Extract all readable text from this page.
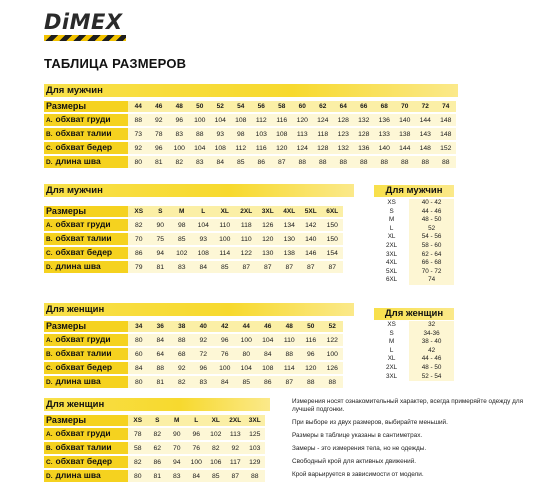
DiMEX
ТАБЛИЦА РАЗМЕРОВ
Для мужчин
Размеры	44	46	48	50	52	54	56	58	60	62	64	66	68	70	72	74
A. обхват груди	88	92	96	100	104	108	112	116	120	124	128	132	136	140	144	148
B. обхват талии	73	78	83	88	93	98	103	108	113	118	123	128	133	138	143	148
C. обхват бедер	92	96	100	104	108	112	116	120	124	128	132	136	140	144	148	152
D. длина шва	80	81	82	83	84	85	86	87	88	88	88	88	88	88	88	88
Для мужчин
Размеры	XS	S	M	L	XL	2XL	3XL	4XL	5XL	6XL
A. обхват груди	82	90	98	104	110	118	126	134	142	150
B. обхват талии	70	75	85	93	100	110	120	130	140	150
C. обхват бедер	86	94	102	108	114	122	130	138	146	154
D. длина шва	79	81	83	84	85	87	87	87	87	87
Для мужчин
XS	40 - 42
S	44 - 46
M	48 - 50
L	52
XL	54 - 56
2XL	58 - 60
3XL	62 - 64
4XL	66 - 68
5XL	70 - 72
6XL	74
Для женщин
Размеры	34	36	38	40	42	44	46	48	50	52
A. обхват груди	80	84	88	92	96	100	104	110	116	122
B. обхват талии	60	64	68	72	76	80	84	88	96	100
C. обхват бедер	84	88	92	96	100	104	108	114	120	126
D. длина шва	80	81	82	83	84	85	86	87	88	88
Для женщин
XS	32
S	34-36
M	38 - 40
L	42
XL	44 - 46
2XL	48 - 50
3XL	52 - 54
Для женщин
Размеры	XS	S	M	L	XL	2XL	3XL
A. обхват груди	78	82	90	96	102	113	125
B. обхват талии	58	62	70	76	82	92	103
C. обхват бедер	82	86	94	100	106	117	129
D. длина шва	80	81	83	84	85	87	88

Измерения носят ознакомительный характер, всегда примеряйте одежду для лучшей подгонки.

При выборе из двух размеров, выбирайте меньший.

Размеры в таблице указаны в сантиметрах.

Замеры - это измерения тела, но не одежды.

Свободный крой для активных движений.

Крой варьируется в зависимости от модели.
